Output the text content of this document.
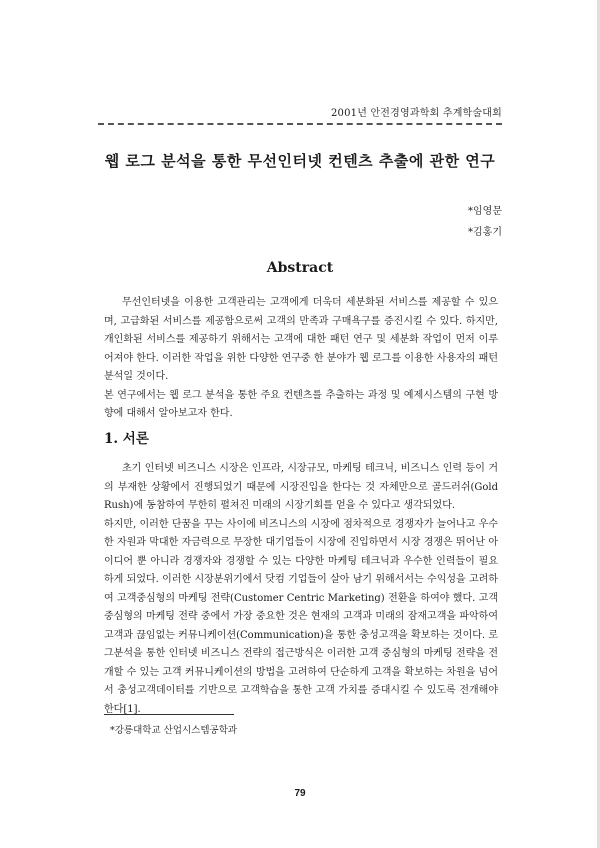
2001년 안전경영과학회 추계학술대회
웹 로그 분석을 통한 무선인터넷 컨텐츠 추출에 관한 연구
*임영문
*김홍기
Abstract

무선인터넷을 이용한 고객관리는 고객에게 더욱더 세분화된 서비스를 제공할 수 있으며, 고급화된 서비스를 제공함으로써 고객의 만족과 구매욕구를 증진시킬 수 있다. 하지만, 개인화된 서비스를 제공하기 위해서는 고객에 대한 패턴 연구 및 세분화 작업이 먼저 이루어져야 한다. 이러한 작업을 위한 다양한 연구중 한 분야가 웹 로그를 이용한 사용자의 패턴분석일 것이다.

본 연구에서는 웹 로그 분석을 통한 주요 컨텐츠를 추출하는 과정 및 예제시스템의 구현 방향에 대해서 알아보고자 한다.

1. 서론

초기 인터넷 비즈니스 시장은 인프라, 시장규모, 마케팅 테크닉, 비즈니스 인력 등이 거의 부재한 상황에서 진행되었기 때문에 시장진입을 한다는 것 자체만으로 골드러쉬(Gold Rush)에 동참하여 무한히 펼쳐진 미래의 시장기회를 얻을 수 있다고 생각되었다.

하지만, 이러한 단꿈을 꾸는 사이에 비즈니스의 시장에 점차적으로 경쟁자가 늘어나고 우수한 자원과 막대한 자금력으로 무장한 대기업들이 시장에 진입하면서 시장 경쟁은 뛰어난 아이디어 뿐 아니라 경쟁자와 경쟁할 수 있는 다양한 마케팅 테크닉과 우수한 인력들이 필요하게 되었다. 이러한 시장분위기에서 닷컴 기업들이 살아 남기 위해서서는 수익성을 고려하여 고객중심형의 마케팅 전략(Customer Centric Marketing) 전환을 하여야 했다. 고객 중심형의 마케팅 전략 중에서 가장 중요한 것은 현재의 고객과 미래의 잠재고객을 파악하여 고객과 끊임없는 커뮤니케이션(Communication)을 통한 충성고객을 확보하는 것이다. 로그분석을 통한 인터넷 비즈니스 전략의 접근방식은 이러한 고객 중심형의 마케팅 전략을 전개할 수 있는 고객 커뮤니케이션의 방법을 고려하여 단순하게 고객을 확보하는 차원을 넘어서 충성고객데이터를 기반으로 고객학습을 통한 고객 가치를 증대시킬 수 있도록 전개해야 한다[1].

*강릉대학교 산업시스템공학과
79
